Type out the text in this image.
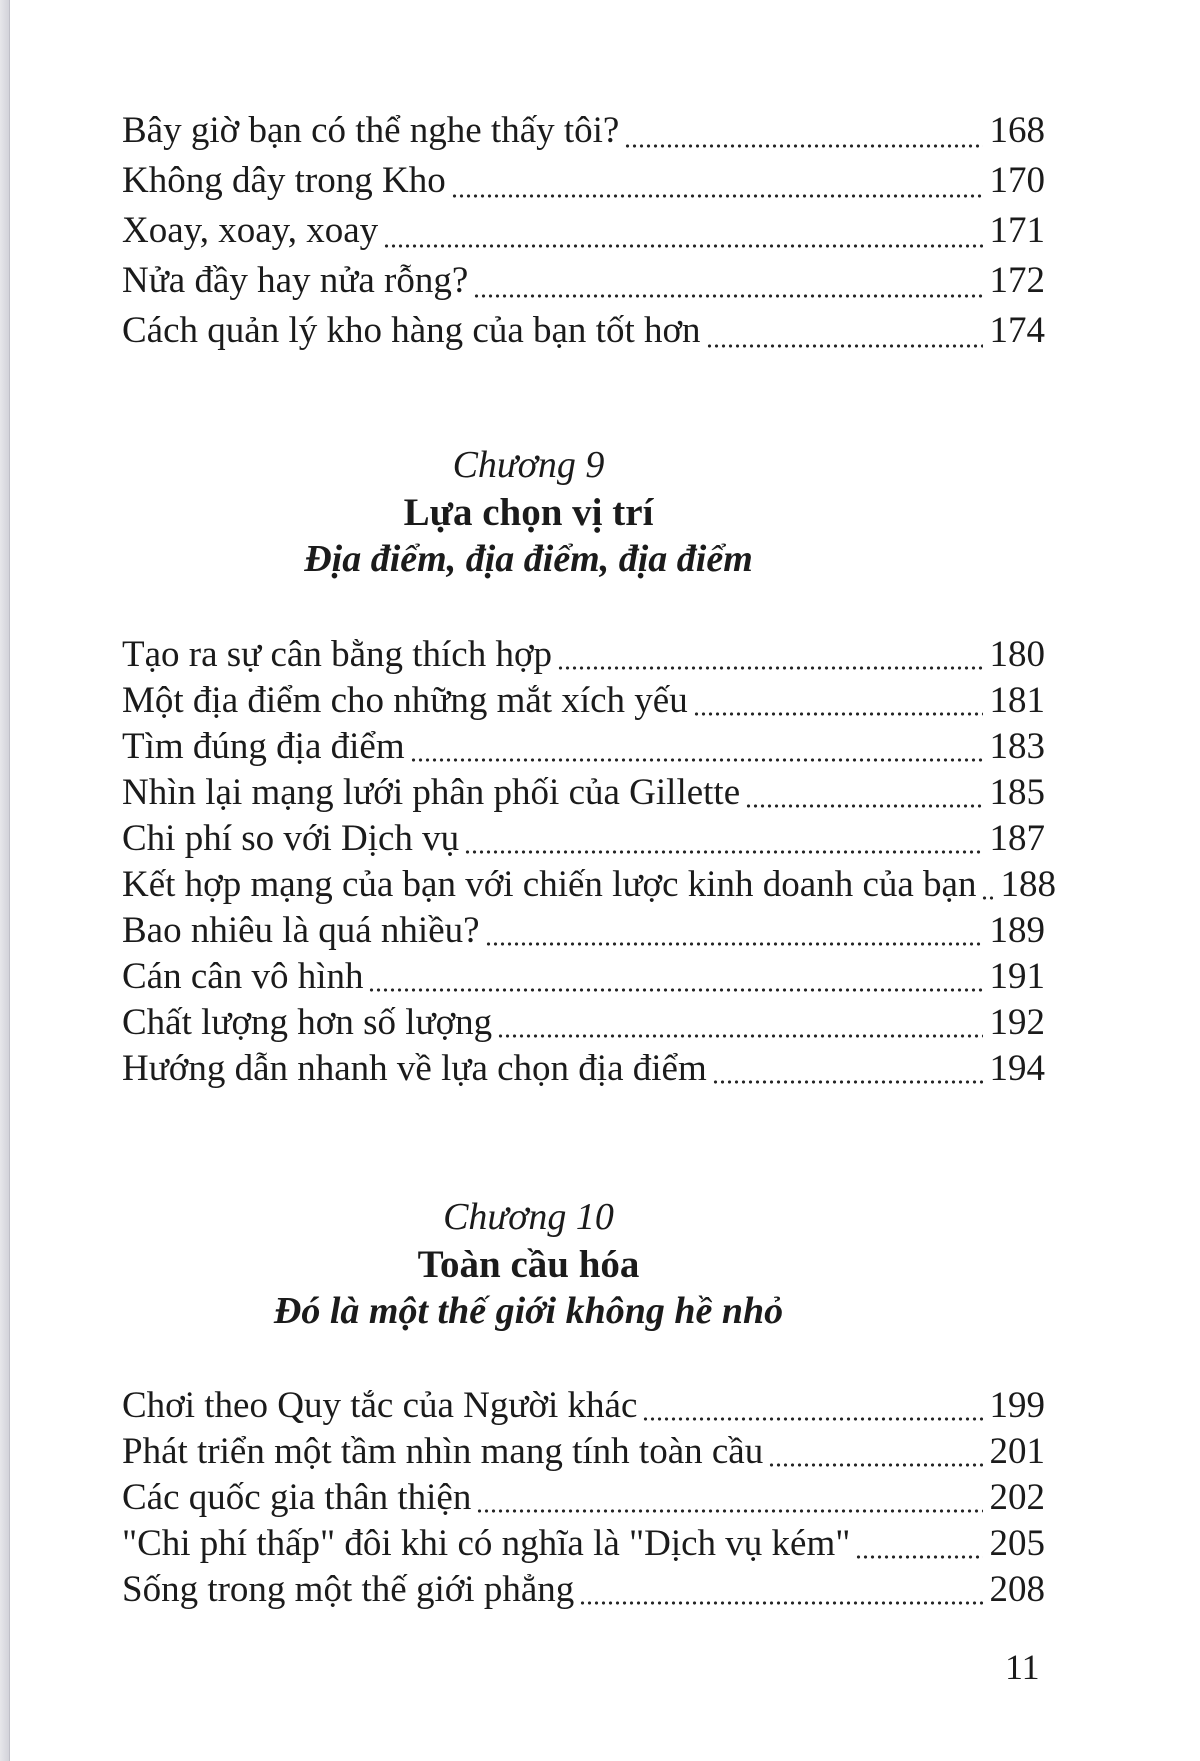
Bây giờ bạn có thể nghe thấy tôi?	168
Không dây trong Kho	170
Xoay, xoay, xoay	171
Nửa đầy hay nửa rỗng?	172
Cách quản lý kho hàng của bạn tốt hơn	174
Chương 9
Lựa chọn vị trí
Địa điểm, địa điểm, địa điểm
Tạo ra sự cân bằng thích hợp	180
Một địa điểm cho những mắt xích yếu	181
Tìm đúng địa điểm	183
Nhìn lại mạng lưới phân phối của Gillette	185
Chi phí so với Dịch vụ	187
Kết hợp mạng của bạn với chiến lược kinh doanh của bạn 188
Bao nhiêu là quá nhiều?	189
Cán cân vô hình	191
Chất lượng hơn số lượng	192
Hướng dẫn nhanh về lựa chọn địa điểm	194
Chương 10
Toàn cầu hóa
Đó là một thế giới không hề nhỏ
Chơi theo Quy tắc của Người khác	199
Phát triển một tầm nhìn mang tính toàn cầu	201
Các quốc gia thân thiện	202
"Chi phí thấp" đôi khi có nghĩa là "Dịch vụ kém"	205
Sống trong một thế giới phẳng	208
11
